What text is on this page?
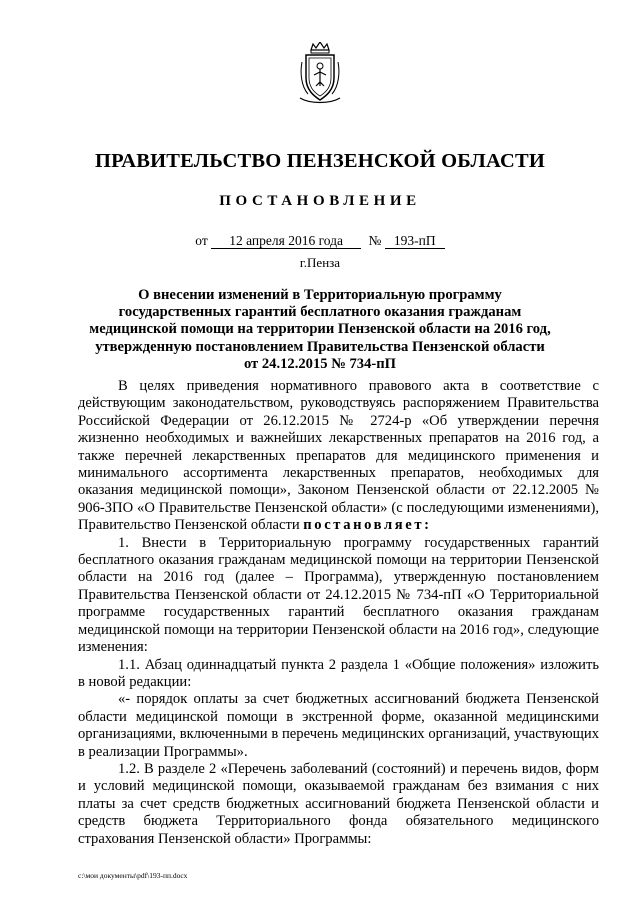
ПРАВИТЕЛЬСТВО ПЕНЗЕНСКОЙ ОБЛАСТИ
ПОСТАНОВЛЕНИЕ
от 12 апреля 2016 года № 193-пП
г.Пенза
О внесении изменений в Территориальную программу
государственных гарантий бесплатного оказания гражданам
медицинской помощи на территории Пензенской области на 2016 год,
утвержденную постановлением Правительства Пензенской области
от 24.12.2015 № 734-пП

В целях приведения нормативного правового акта в соответствие с действующим законодательством, руководствуясь распоряжением Правительства Российской Федерации от 26.12.2015 № 2724-р «Об утверждении перечня жизненно необходимых и важнейших лекарственных препаратов на 2016 год, а также перечней лекарственных препаратов для медицинского применения и минимального ассортимента лекарственных препаратов, необходимых для оказания медицинской помощи», Законом Пензенской области от 22.12.2005 № 906-ЗПО «О Правительстве Пензенской области» (с последующими изменениями), Правительство Пензенской области постановляет:

1. Внести в Территориальную программу государственных гарантий бесплатного оказания гражданам медицинской помощи на территории Пензенской области на 2016 год (далее – Программа), утвержденную постановлением Правительства Пензенской области от 24.12.2015 № 734-пП «О Территориальной программе государственных гарантий бесплатного оказания гражданам медицинской помощи на территории Пензенской области на 2016 год», следующие изменения:

1.1. Абзац одиннадцатый пункта 2 раздела 1 «Общие положения» изложить в новой редакции:

«- порядок оплаты за счет бюджетных ассигнований бюджета Пензенской области медицинской помощи в экстренной форме, оказанной медицинскими организациями, включенными в перечень медицинских организаций, участвующих в реализации Программы».

1.2. В разделе 2 «Перечень заболеваний (состояний) и перечень видов, форм и условий медицинской помощи, оказываемой гражданам без взимания с них платы за счет средств бюджетных ассигнований бюджета Пензенской области и средств бюджета Территориального фонда обязательного медицинского страхования Пензенской области» Программы:

c:\мои документы\pdf\193-пп.docx
